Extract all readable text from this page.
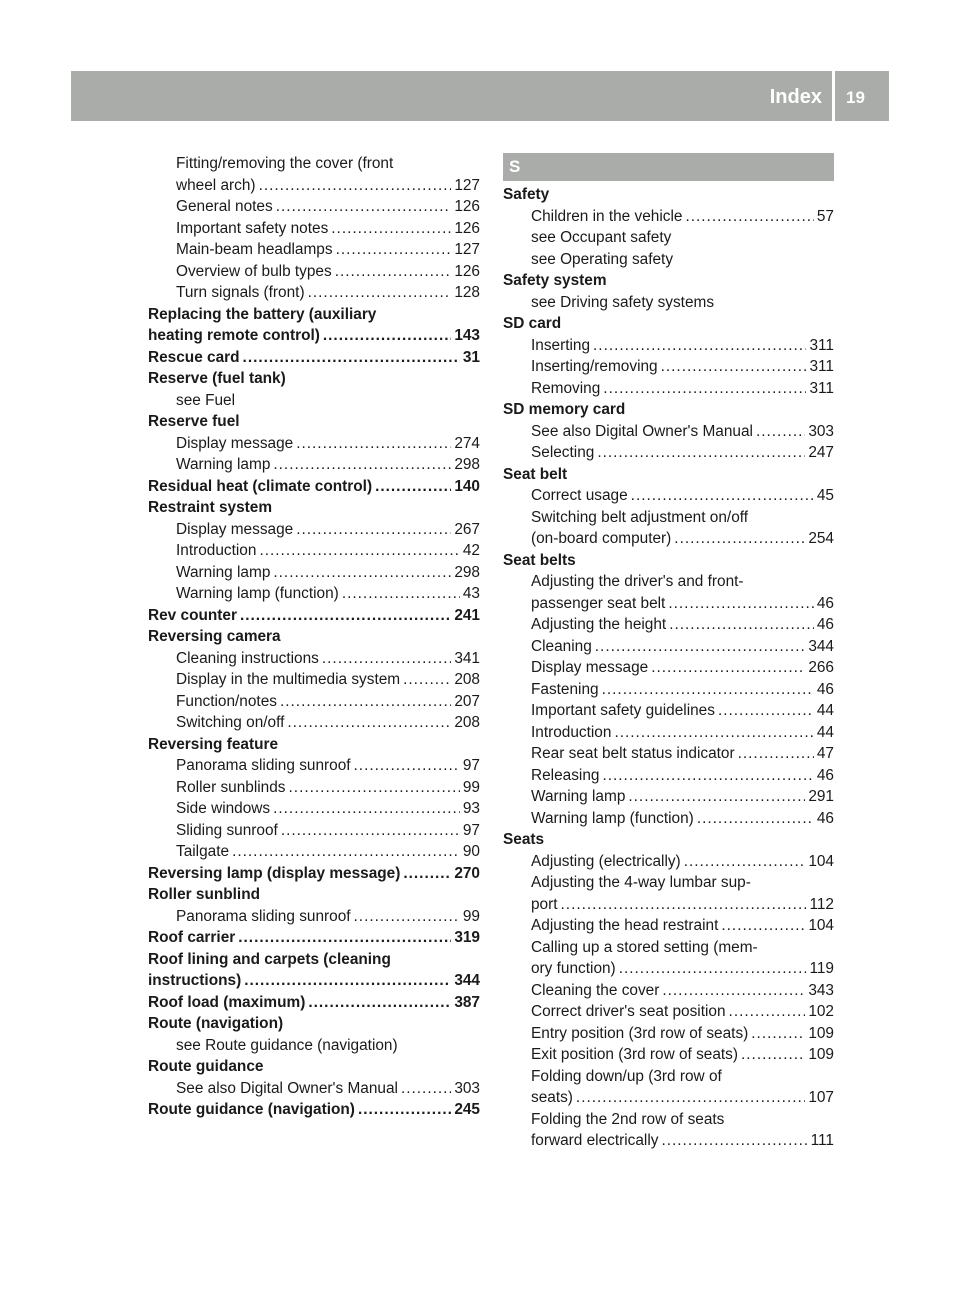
Index 19
Fitting/removing the cover (front
wheel arch) .....	127
General notes .....	126
Important safety notes .....	126
Main-beam headlamps .....	127
Overview of bulb types .....	126
Turn signals (front) .....	128
Replacing the battery (auxiliary
heating remote control) .....	143
Rescue card .....	31
Reserve (fuel tank)
see Fuel
Reserve fuel
Display message .....	274
Warning lamp .....	298
Residual heat (climate control) .....	140
Restraint system
Display message .....	267
Introduction .....	42
Warning lamp .....	298
Warning lamp (function) .....	43
Rev counter .....	241
Reversing camera
Cleaning instructions .....	341
Display in the multimedia system .....	208
Function/notes .....	207
Switching on/off .....	208
Reversing feature
Panorama sliding sunroof .....	97
Roller sunblinds .....	99
Side windows .....	93
Sliding sunroof .....	97
Tailgate .....	90
Reversing lamp (display message) .....	270
Roller sunblind
Panorama sliding sunroof .....	99
Roof carrier .....	319
Roof lining and carpets (cleaning
instructions) .....	344
Roof load (maximum) .....	387
Route (navigation)
see Route guidance (navigation)
Route guidance
See also Digital Owner's Manual .....	303
Route guidance (navigation) .....	245
S
Safety
Children in the vehicle .....	57
see Occupant safety
see Operating safety
Safety system
see Driving safety systems
SD card
Inserting .....	311
Inserting/removing .....	311
Removing .....	311
SD memory card
See also Digital Owner's Manual .....	303
Selecting .....	247
Seat belt
Correct usage .....	45
Switching belt adjustment on/off
(on-board computer) .....	254
Seat belts
Adjusting the driver's and front-
passenger seat belt .....	46
Adjusting the height .....	46
Cleaning .....	344
Display message .....	266
Fastening .....	46
Important safety guidelines .....	44
Introduction .....	44
Rear seat belt status indicator .....	47
Releasing .....	46
Warning lamp .....	291
Warning lamp (function) .....	46
Seats
Adjusting (electrically) .....	104
Adjusting the 4-way lumbar sup-
port .....	112
Adjusting the head restraint .....	104
Calling up a stored setting (mem-
ory function) .....	119
Cleaning the cover .....	343
Correct driver's seat position .....	102
Entry position (3rd row of seats) .....	109
Exit position (3rd row of seats) .....	109
Folding down/up (3rd row of
seats) .....	107
Folding the 2nd row of seats
forward electrically .....	111
